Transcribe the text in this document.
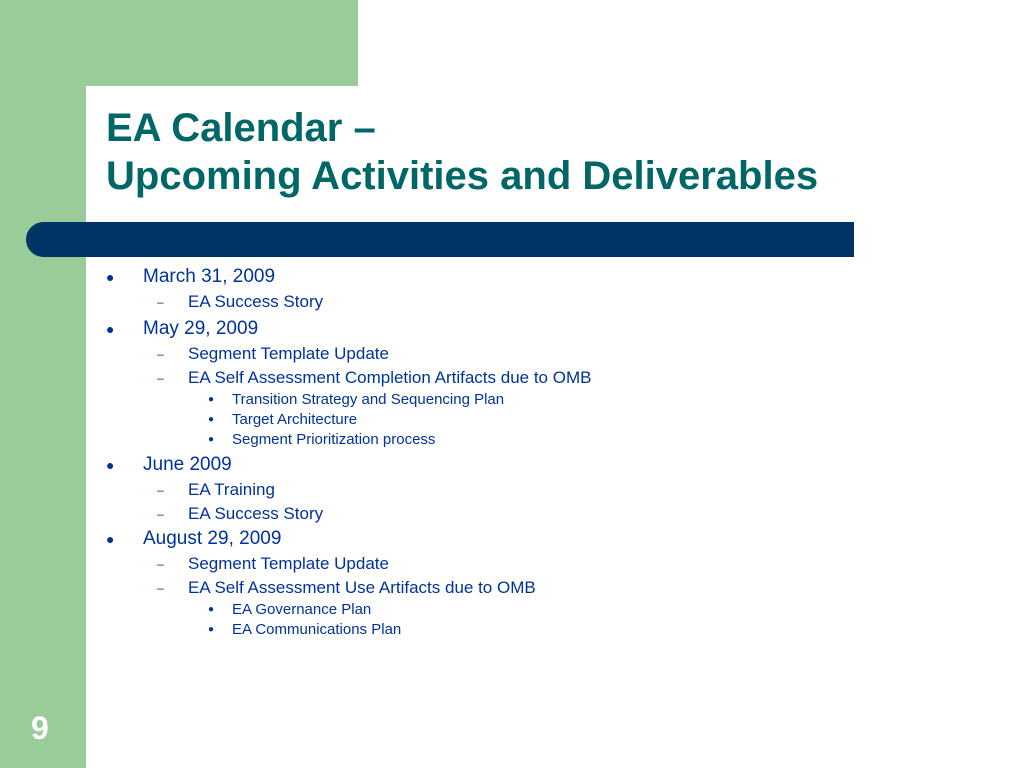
EA Calendar –
Upcoming Activities and Deliverables
● March 31, 2009
– EA Success Story
● May 29, 2009
– Segment Template Update
– EA Self Assessment Completion Artifacts due to OMB
● Transition Strategy and Sequencing Plan
● Target Architecture
● Segment Prioritization process
● June 2009
– EA Training
– EA Success Story
● August 29, 2009
– Segment Template Update
– EA Self Assessment Use Artifacts due to OMB
● EA Governance Plan
● EA Communications Plan
9
